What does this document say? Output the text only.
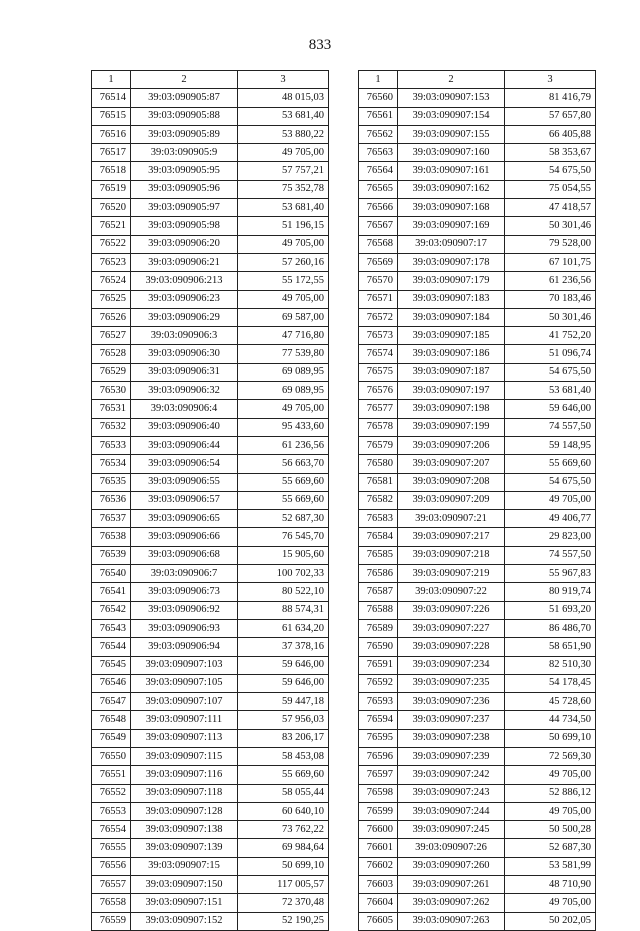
833
1	2	3
76514	39:03:090905:87	48 015,03
76515	39:03:090905:88	53 681,40
76516	39:03:090905:89	53 880,22
76517	39:03:090905:9	49 705,00
76518	39:03:090905:95	57 757,21
76519	39:03:090905:96	75 352,78
76520	39:03:090905:97	53 681,40
76521	39:03:090905:98	51 196,15
76522	39:03:090906:20	49 705,00
76523	39:03:090906:21	57 260,16
76524	39:03:090906:213	55 172,55
76525	39:03:090906:23	49 705,00
76526	39:03:090906:29	69 587,00
76527	39:03:090906:3	47 716,80
76528	39:03:090906:30	77 539,80
76529	39:03:090906:31	69 089,95
76530	39:03:090906:32	69 089,95
76531	39:03:090906:4	49 705,00
76532	39:03:090906:40	95 433,60
76533	39:03:090906:44	61 236,56
76534	39:03:090906:54	56 663,70
76535	39:03:090906:55	55 669,60
76536	39:03:090906:57	55 669,60
76537	39:03:090906:65	52 687,30
76538	39:03:090906:66	76 545,70
76539	39:03:090906:68	15 905,60
76540	39:03:090906:7	100 702,33
76541	39:03:090906:73	80 522,10
76542	39:03:090906:92	88 574,31
76543	39:03:090906:93	61 634,20
76544	39:03:090906:94	37 378,16
76545	39:03:090907:103	59 646,00
76546	39:03:090907:105	59 646,00
76547	39:03:090907:107	59 447,18
76548	39:03:090907:111	57 956,03
76549	39:03:090907:113	83 206,17
76550	39:03:090907:115	58 453,08
76551	39:03:090907:116	55 669,60
76552	39:03:090907:118	58 055,44
76553	39:03:090907:128	60 640,10
76554	39:03:090907:138	73 762,22
76555	39:03:090907:139	69 984,64
76556	39:03:090907:15	50 699,10
76557	39:03:090907:150	117 005,57
76558	39:03:090907:151	72 370,48
76559	39:03:090907:152	52 190,25
1	2	3
76560	39:03:090907:153	81 416,79
76561	39:03:090907:154	57 657,80
76562	39:03:090907:155	66 405,88
76563	39:03:090907:160	58 353,67
76564	39:03:090907:161	54 675,50
76565	39:03:090907:162	75 054,55
76566	39:03:090907:168	47 418,57
76567	39:03:090907:169	50 301,46
76568	39:03:090907:17	79 528,00
76569	39:03:090907:178	67 101,75
76570	39:03:090907:179	61 236,56
76571	39:03:090907:183	70 183,46
76572	39:03:090907:184	50 301,46
76573	39:03:090907:185	41 752,20
76574	39:03:090907:186	51 096,74
76575	39:03:090907:187	54 675,50
76576	39:03:090907:197	53 681,40
76577	39:03:090907:198	59 646,00
76578	39:03:090907:199	74 557,50
76579	39:03:090907:206	59 148,95
76580	39:03:090907:207	55 669,60
76581	39:03:090907:208	54 675,50
76582	39:03:090907:209	49 705,00
76583	39:03:090907:21	49 406,77
76584	39:03:090907:217	29 823,00
76585	39:03:090907:218	74 557,50
76586	39:03:090907:219	55 967,83
76587	39:03:090907:22	80 919,74
76588	39:03:090907:226	51 693,20
76589	39:03:090907:227	86 486,70
76590	39:03:090907:228	58 651,90
76591	39:03:090907:234	82 510,30
76592	39:03:090907:235	54 178,45
76593	39:03:090907:236	45 728,60
76594	39:03:090907:237	44 734,50
76595	39:03:090907:238	50 699,10
76596	39:03:090907:239	72 569,30
76597	39:03:090907:242	49 705,00
76598	39:03:090907:243	52 886,12
76599	39:03:090907:244	49 705,00
76600	39:03:090907:245	50 500,28
76601	39:03:090907:26	52 687,30
76602	39:03:090907:260	53 581,99
76603	39:03:090907:261	48 710,90
76604	39:03:090907:262	49 705,00
76605	39:03:090907:263	50 202,05
